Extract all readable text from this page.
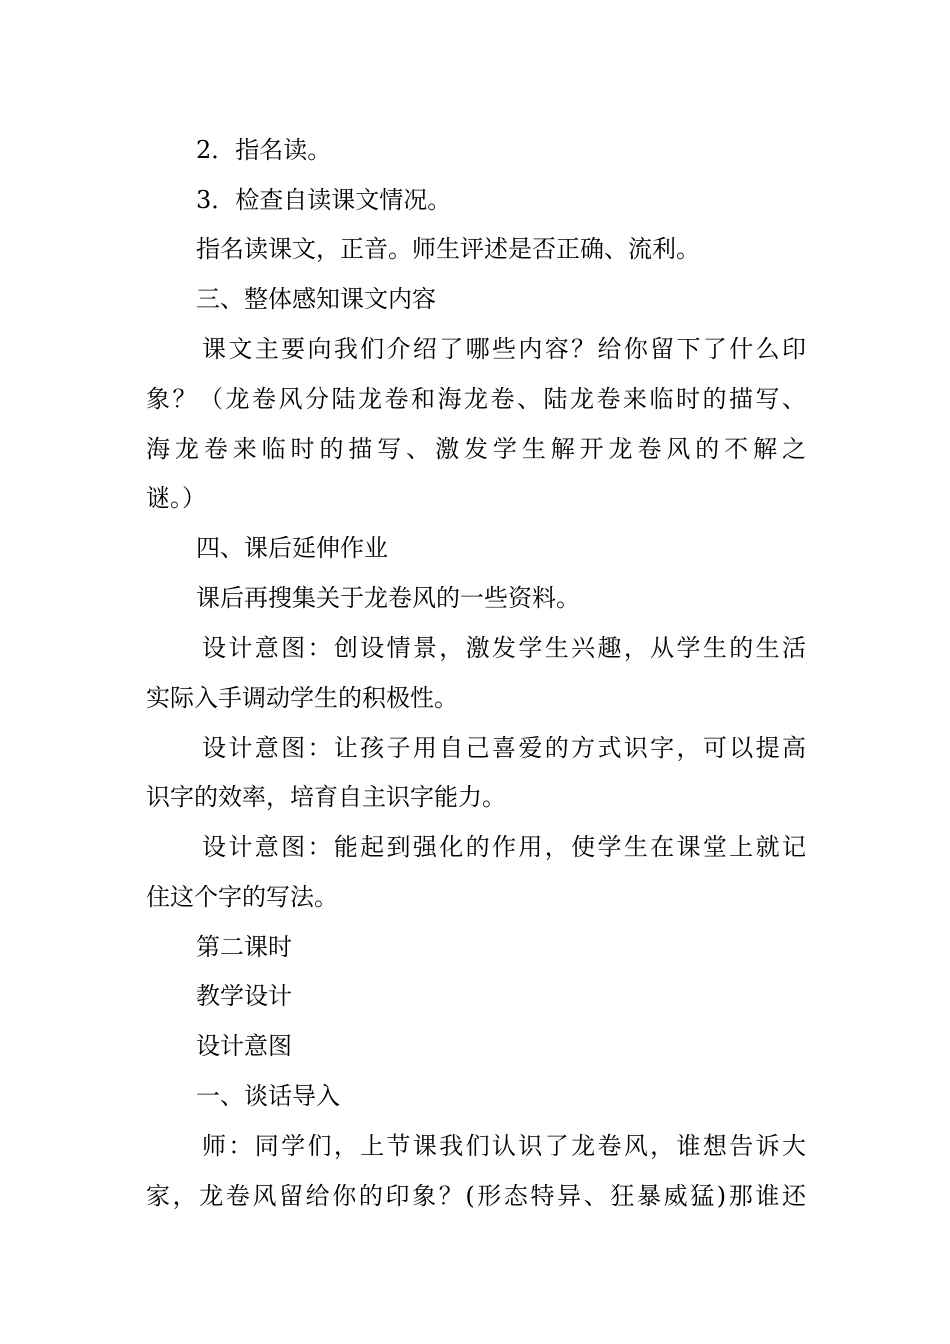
2．指名读。
3．检查自读课文情况。
指名读课文，正音。师生评述是否正确、流利。
三、整体感知课文内容
课文主要向我们介绍了哪些内容？给你留下了什么印
象？（龙卷风分陆龙卷和海龙卷、陆龙卷来临时的描写、
海龙卷来临时的描写、激发学生解开龙卷风的不解之
谜。）
四、课后延伸作业
课后再搜集关于龙卷风的一些资料。
设计意图：创设情景，激发学生兴趣，从学生的生活
实际入手调动学生的积极性。
设计意图：让孩子用自己喜爱的方式识字，可以提高
识字的效率，培育自主识字能力。
设计意图：能起到强化的作用，使学生在课堂上就记
住这个字的写法。
第二课时
教学设计
设计意图
一、谈话导入
师：同学们，上节课我们认识了龙卷风，谁想告诉大
家，龙卷风留给你的印象？(形态特异、狂暴威猛)那谁还
